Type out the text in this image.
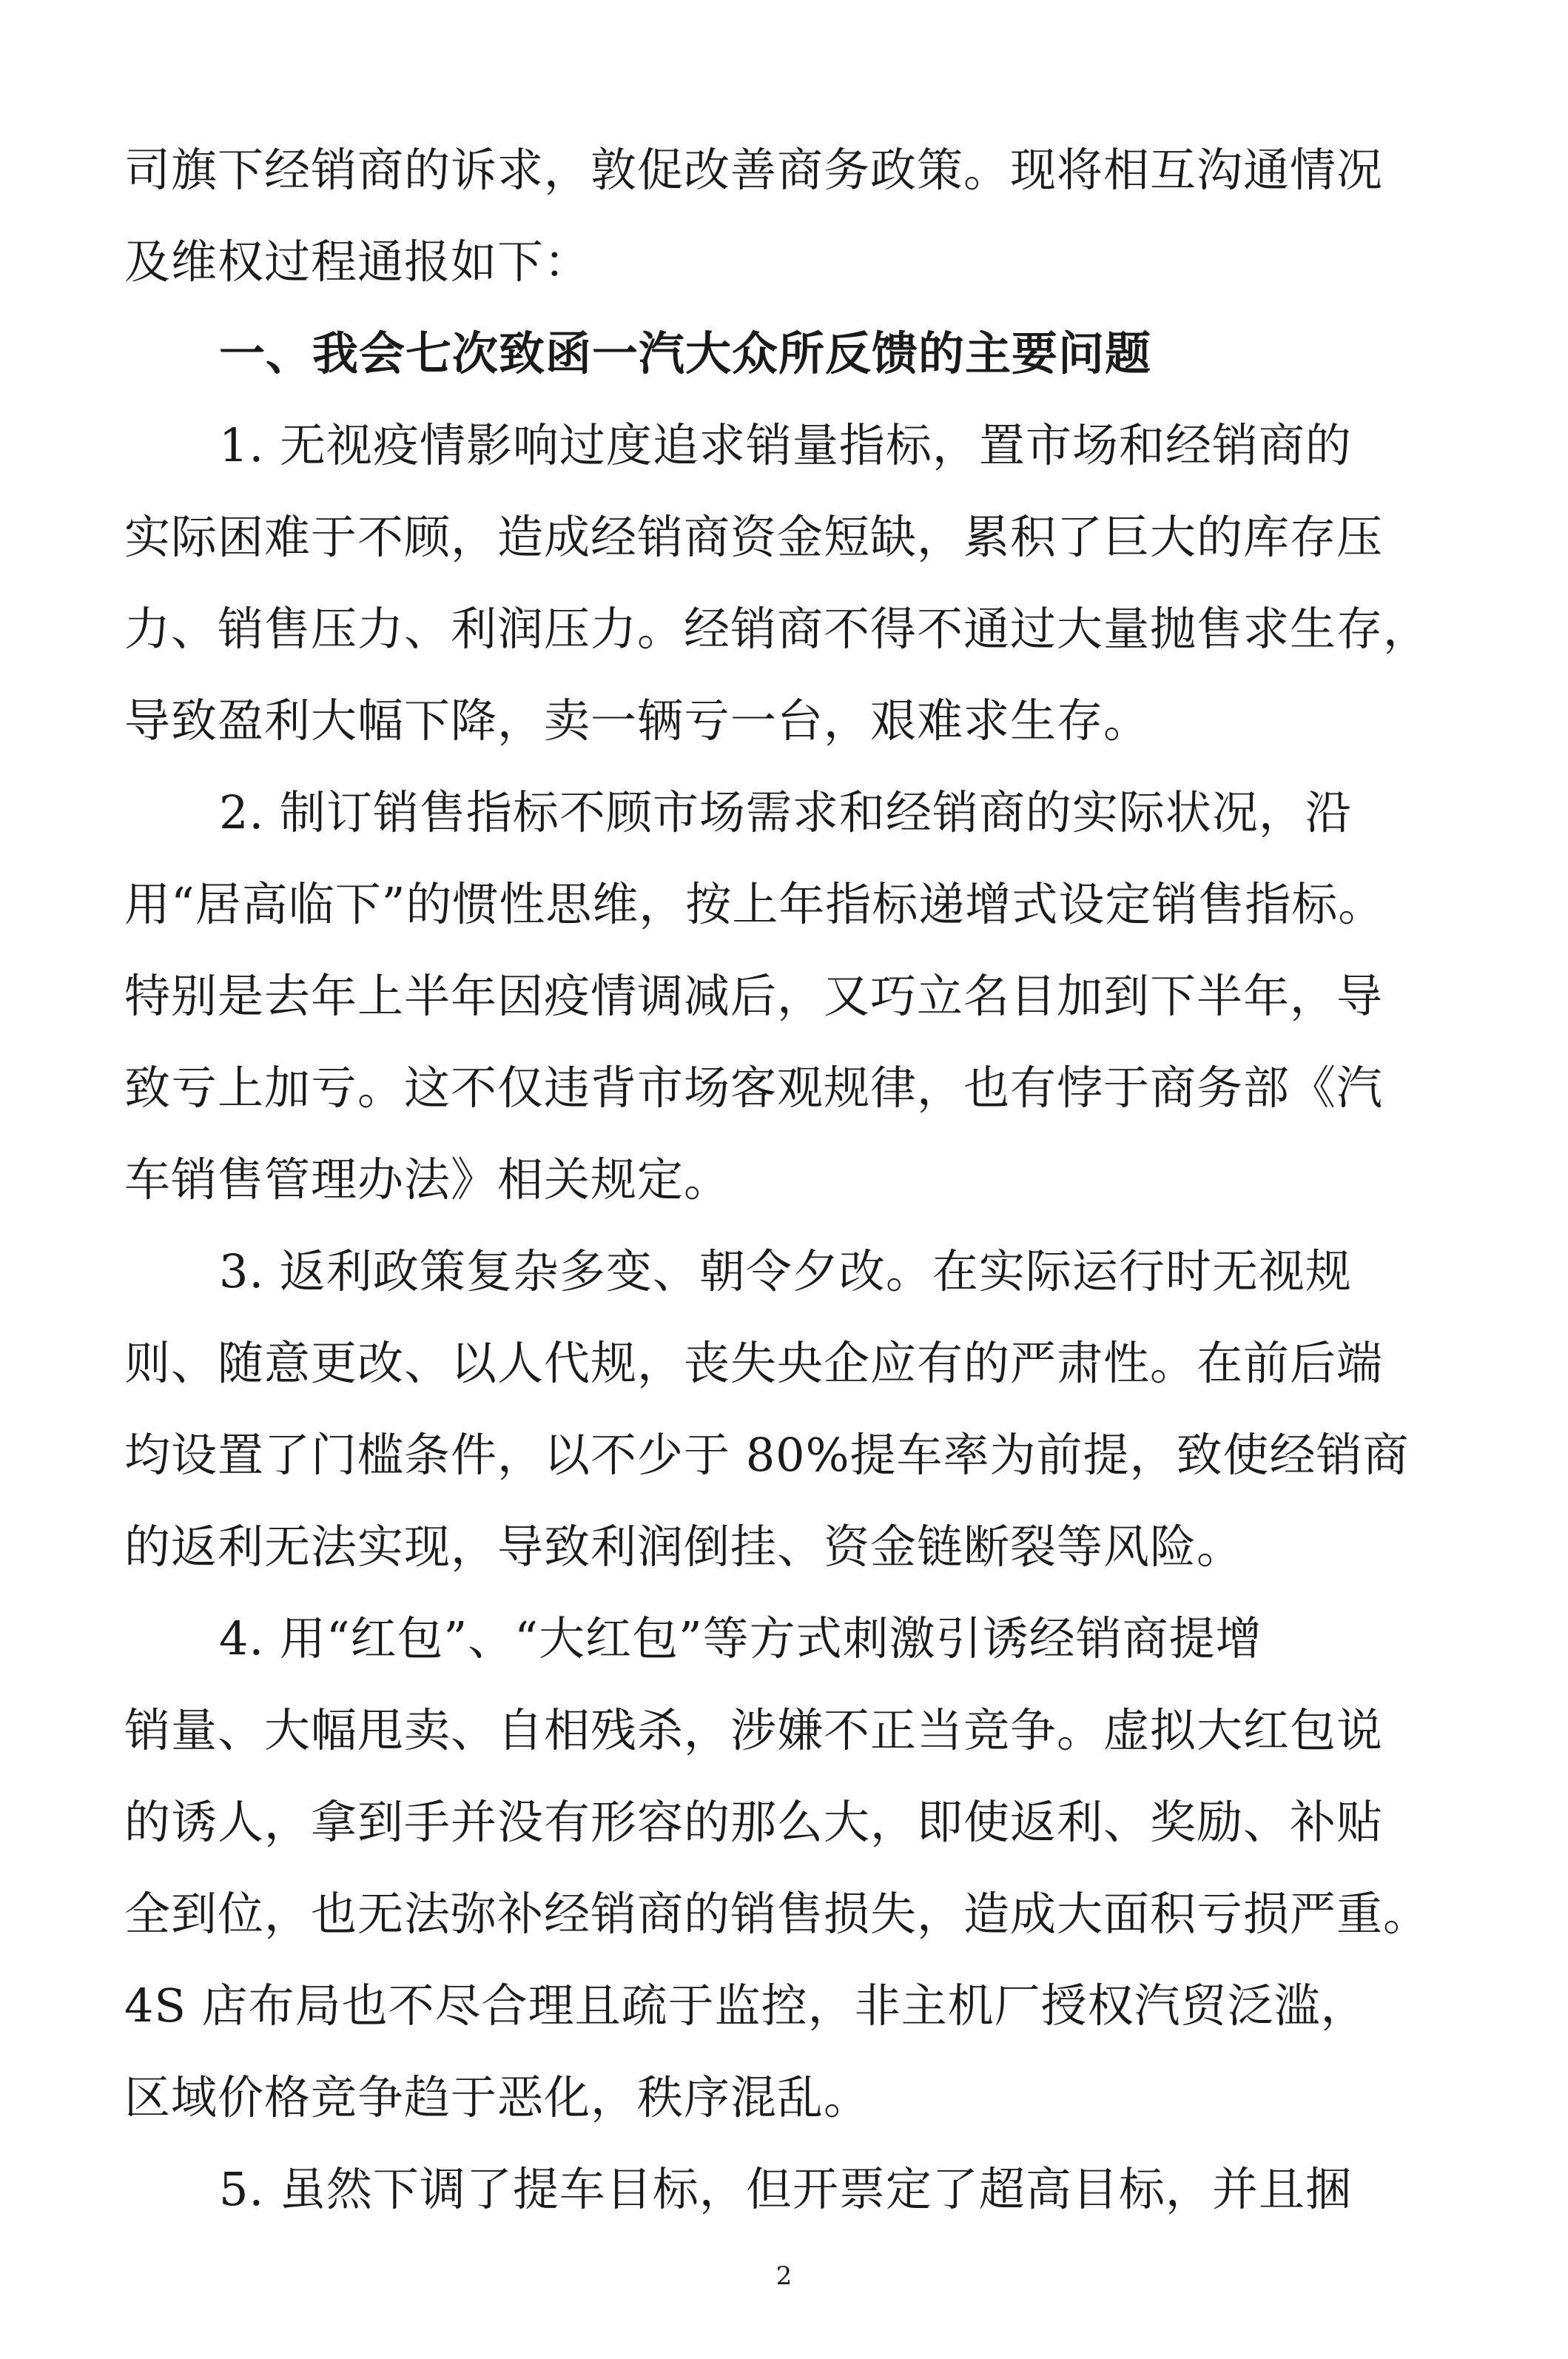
司旗下经销商的诉求，敦促改善商务政策。现将相互沟通情况
及维权过程通报如下：
一、我会七次致函一汽大众所反馈的主要问题
1. 无视疫情影响过度追求销量指标，置市场和经销商的
实际困难于不顾，造成经销商资金短缺，累积了巨大的库存压
力、销售压力、利润压力。经销商不得不通过大量抛售求生存，
导致盈利大幅下降，卖一辆亏一台，艰难求生存。
2. 制订销售指标不顾市场需求和经销商的实际状况，沿
用“居高临下”的惯性思维，按上年指标递增式设定销售指标。
特别是去年上半年因疫情调减后，又巧立名目加到下半年，导
致亏上加亏。这不仅违背市场客观规律，也有悖于商务部《汽
车销售管理办法》相关规定。
3. 返利政策复杂多变、朝令夕改。在实际运行时无视规
则、随意更改、以人代规，丧失央企应有的严肃性。在前后端
均设置了门槛条件，以不少于 80%提车率为前提，致使经销商
的返利无法实现，导致利润倒挂、资金链断裂等风险。
4. 用“红包”、“大红包”等方式刺激引诱经销商提增
销量、大幅甩卖、自相残杀，涉嫌不正当竞争。虚拟大红包说
的诱人，拿到手并没有形容的那么大，即使返利、奖励、补贴
全到位，也无法弥补经销商的销售损失，造成大面积亏损严重。
4S 店布局也不尽合理且疏于监控，非主机厂授权汽贸泛滥，
区域价格竞争趋于恶化，秩序混乱。
5. 虽然下调了提车目标，但开票定了超高目标，并且捆
2
